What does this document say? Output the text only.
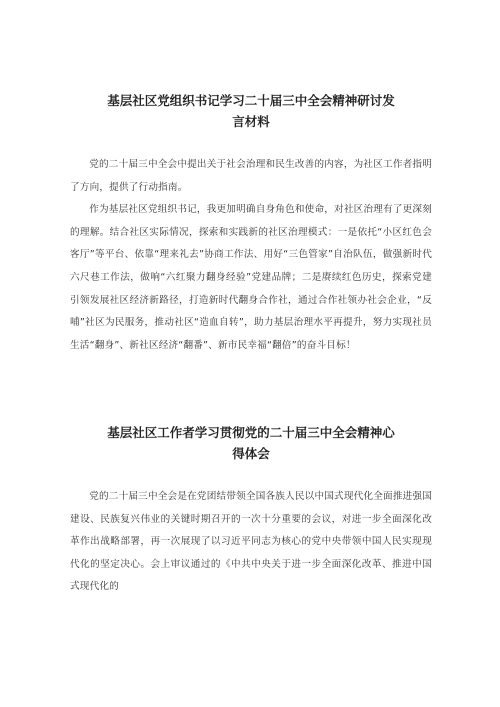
基层社区党组织书记学习二十届三中全会精神研讨发
言材料

党的二十届三中全会中提出关于社会治理和民生改善的内容，为社区工作者指明了方向，提供了行动指南。

作为基层社区党组织书记，我更加明确自身角色和使命，对社区治理有了更深刻的理解。结合社区实际情况，探索和实践新的社区治理模式：一是依托“小区红色会客厅”等平台、依靠“理来礼去”协商工作法、用好“三色管家”自治队伍，做强新时代六尺巷工作法，做响“六红聚力翻身经验”党建品牌；二是赓续红色历史，探索党建引领发展社区经济新路径，打造新时代翻身合作社，通过合作社领办社会企业，“反哺”社区为民服务，推动社区“造血自转”，助力基层治理水平再提升，努力实现社员生活“翻身”、新社区经济“翻番”、新市民幸福“翻倍”的奋斗目标！

基层社区工作者学习贯彻党的二十届三中全会精神心
得体会

党的二十届三中全会是在党团结带领全国各族人民以中国式现代化全面推进强国建设、民族复兴伟业的关键时期召开的一次十分重要的会议，对进一步全面深化改革作出战略部署，再一次展现了以习近平同志为核心的党中央带领中国人民实现现代化的坚定决心。会上审议通过的《中共中央关于进一步全面深化改革、推进中国式现代化的
